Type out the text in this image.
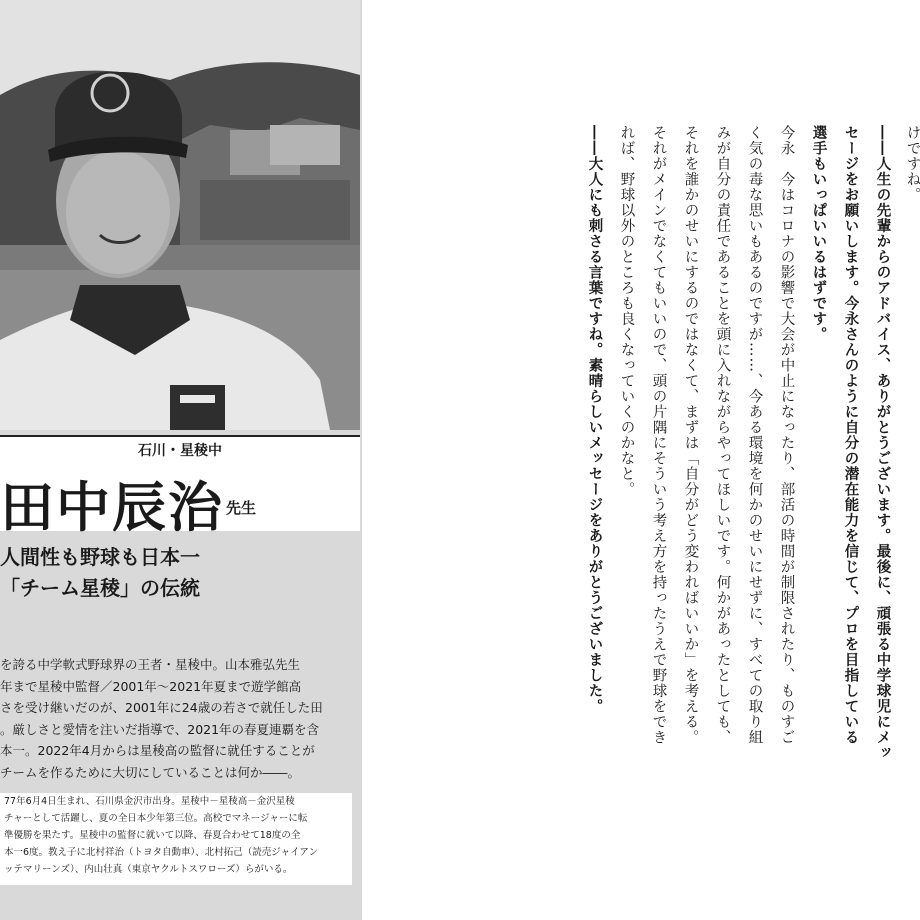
石川・星稜中
田中辰治 先生
人間性も野球も日本一
「チーム星稜」の伝統
を誇る中学軟式野球界の王者・星稜中。山本雅弘先生
年まで星稜中監督／2001年〜2021年夏まで遊学館高
さを受け継いだのが、2001年に24歳の若さで就任した田
。厳しさと愛情を注いだ指導で、2021年の春夏連覇を含
本一。2022年4月からは星稜高の監督に就任することが
チームを作るために大切にしていることは何か――。
77年6月4日生まれ、石川県金沢市出身。星稜中－星稜高－金沢星稜
チャーとして活躍し、夏の全日本少年第三位。高校でマネージャーに転
準優勝を果たす。星稜中の監督に就いて以降、春夏合わせて18度の全
本一6度。教え子に北村祥治（トヨタ自動車）、北村拓己（読売ジャイアン
ッテマリーンズ）、内山壮真（東京ヤクルトスワローズ）らがいる。
けですね。
――人生の先輩からのアドバイス、ありがとうございます。最後に、頑張る中学球児にメッ
セージをお願いします。今永さんのように自分の潜在能力を信じて、プロを目指している
選手もいっぱいいるはずです。
今永　今はコロナの影響で大会が中止になったり、部活の時間が制限されたり、ものすご
く気の毒な思いもあるのですが……、今ある環境を何かのせいにせずに、すべての取り組
みが自分の責任であることを頭に入れながらやってほしいです。何かがあったとしても、
それを誰かのせいにするのではなくて、まずは「自分がどう変わればいいか」を考える。
それがメインでなくてもいいので、頭の片隅にそういう考え方を持ったうえで野球をでき
れば、野球以外のところも良くなっていくのかなと。
――大人にも刺さる言葉ですね。素晴らしいメッセージをありがとうございました。
